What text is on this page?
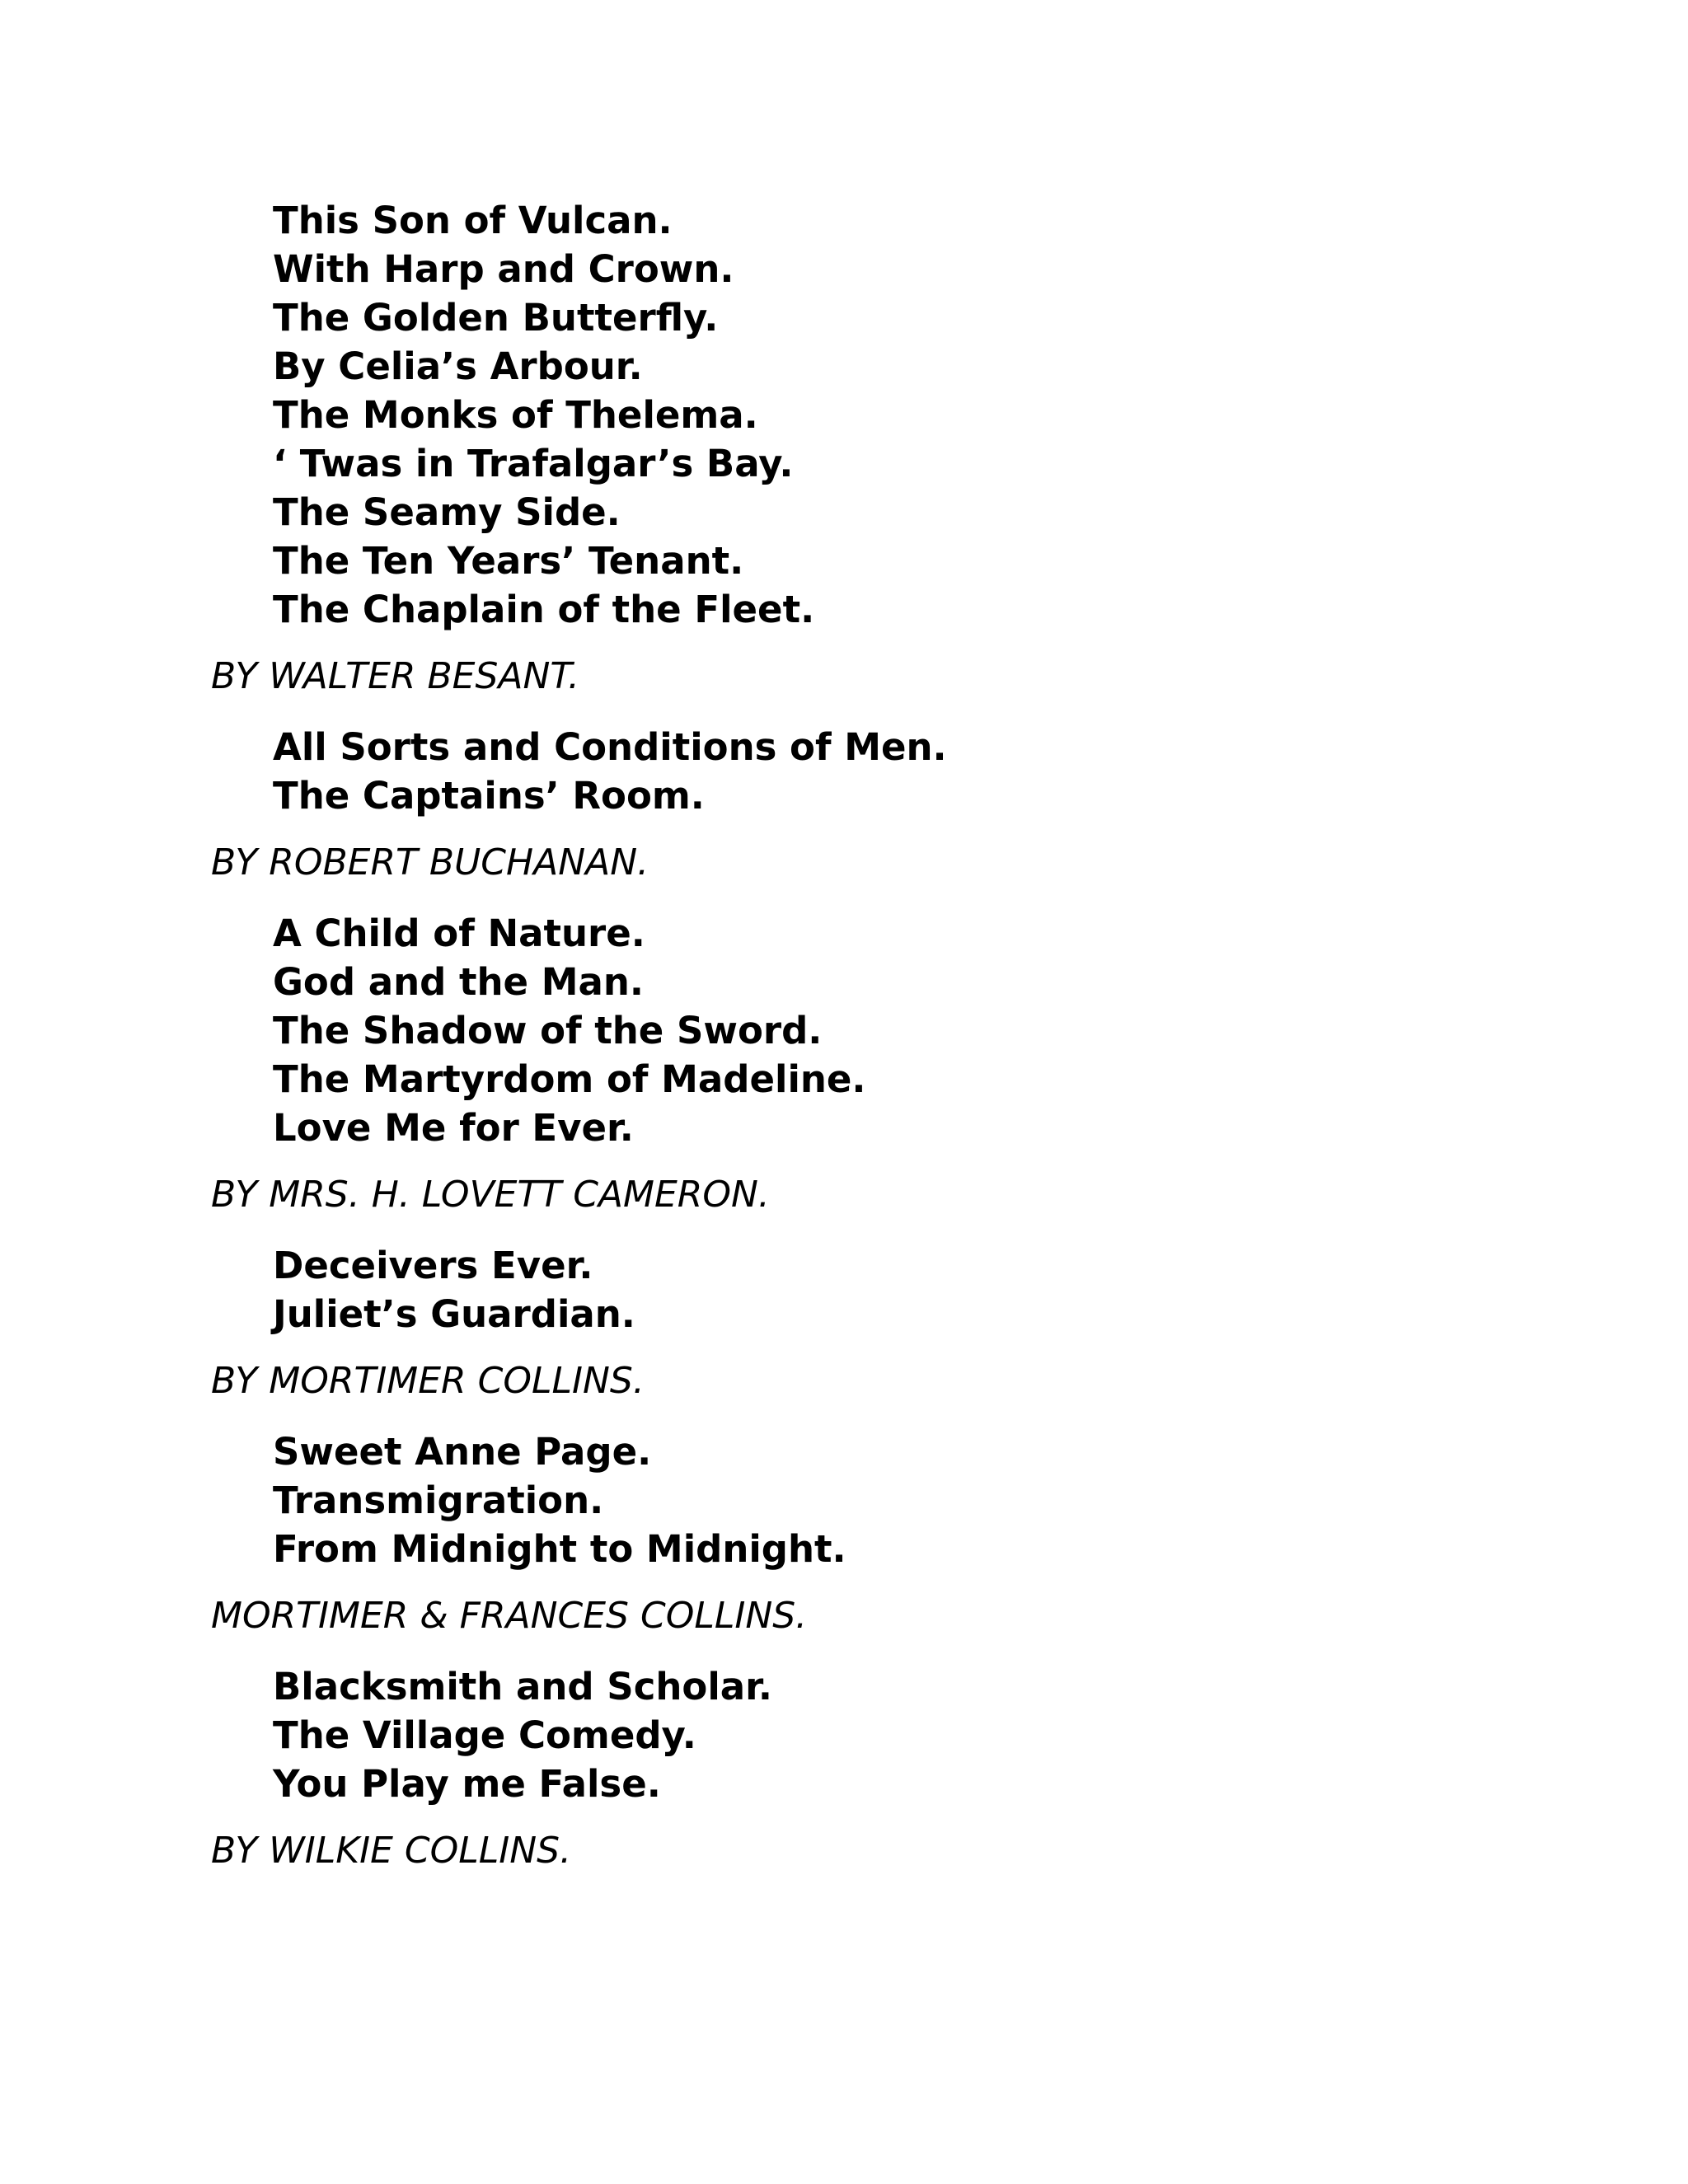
This Son of Vulcan.
With Harp and Crown.
The Golden Butterfly.
By Celia’s Arbour.
The Monks of Thelema.
‘ Twas in Trafalgar’s Bay.
The Seamy Side.
The Ten Years’ Tenant.
The Chaplain of the Fleet.
BY WALTER BESANT.
All Sorts and Conditions of Men.
The Captains’ Room.
BY ROBERT BUCHANAN.
A Child of Nature.
God and the Man.
The Shadow of the Sword.
The Martyrdom of Madeline.
Love Me for Ever.
BY MRS. H. LOVETT CAMERON.
Deceivers Ever.
Juliet’s Guardian.
BY MORTIMER COLLINS.
Sweet Anne Page.
Transmigration.
From Midnight to Midnight.
MORTIMER & FRANCES COLLINS.
Blacksmith and Scholar.
The Village Comedy.
You Play me False.
BY WILKIE COLLINS.
